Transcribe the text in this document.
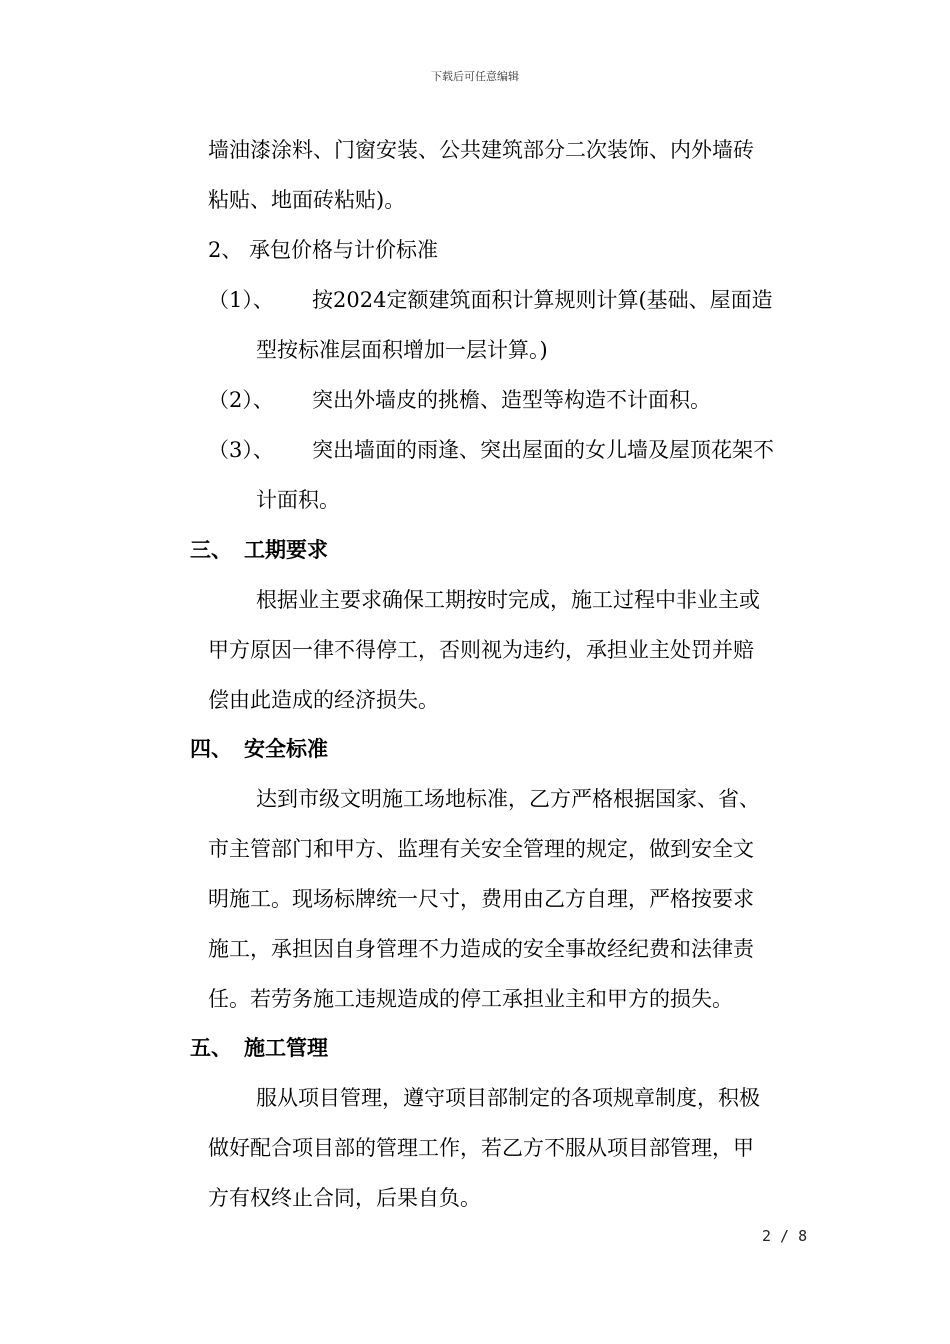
下载后可任意编辑
墙油漆涂料、门窗安装、公共建筑部分二次装饰、内外墙砖
粘贴、地面砖粘贴)。
2、 承包价格与计价标准
（1）、 按2024定额建筑面积计算规则计算(基础、屋面造
型按标准层面积增加一层计算。)
（2）、 突出外墙皮的挑檐、造型等构造不计面积。
（3）、 突出墙面的雨逢、突出屋面的女儿墙及屋顶花架不
计面积。
三、 工期要求
根据业主要求确保工期按时完成，施工过程中非业主或
甲方原因一律不得停工，否则视为违约，承担业主处罚并赔
偿由此造成的经济损失。
四、 安全标准
达到市级文明施工场地标准，乙方严格根据国家、省、
市主管部门和甲方、监理有关安全管理的规定，做到安全文
明施工。现场标牌统一尺寸，费用由乙方自理，严格按要求
施工，承担因自身管理不力造成的安全事故经纪费和法律责
任。若劳务施工违规造成的停工承担业主和甲方的损失。
五、 施工管理
服从项目管理，遵守项目部制定的各项规章制度，积极
做好配合项目部的管理工作，若乙方不服从项目部管理，甲
方有权终止合同，后果自负。
2 / 8
